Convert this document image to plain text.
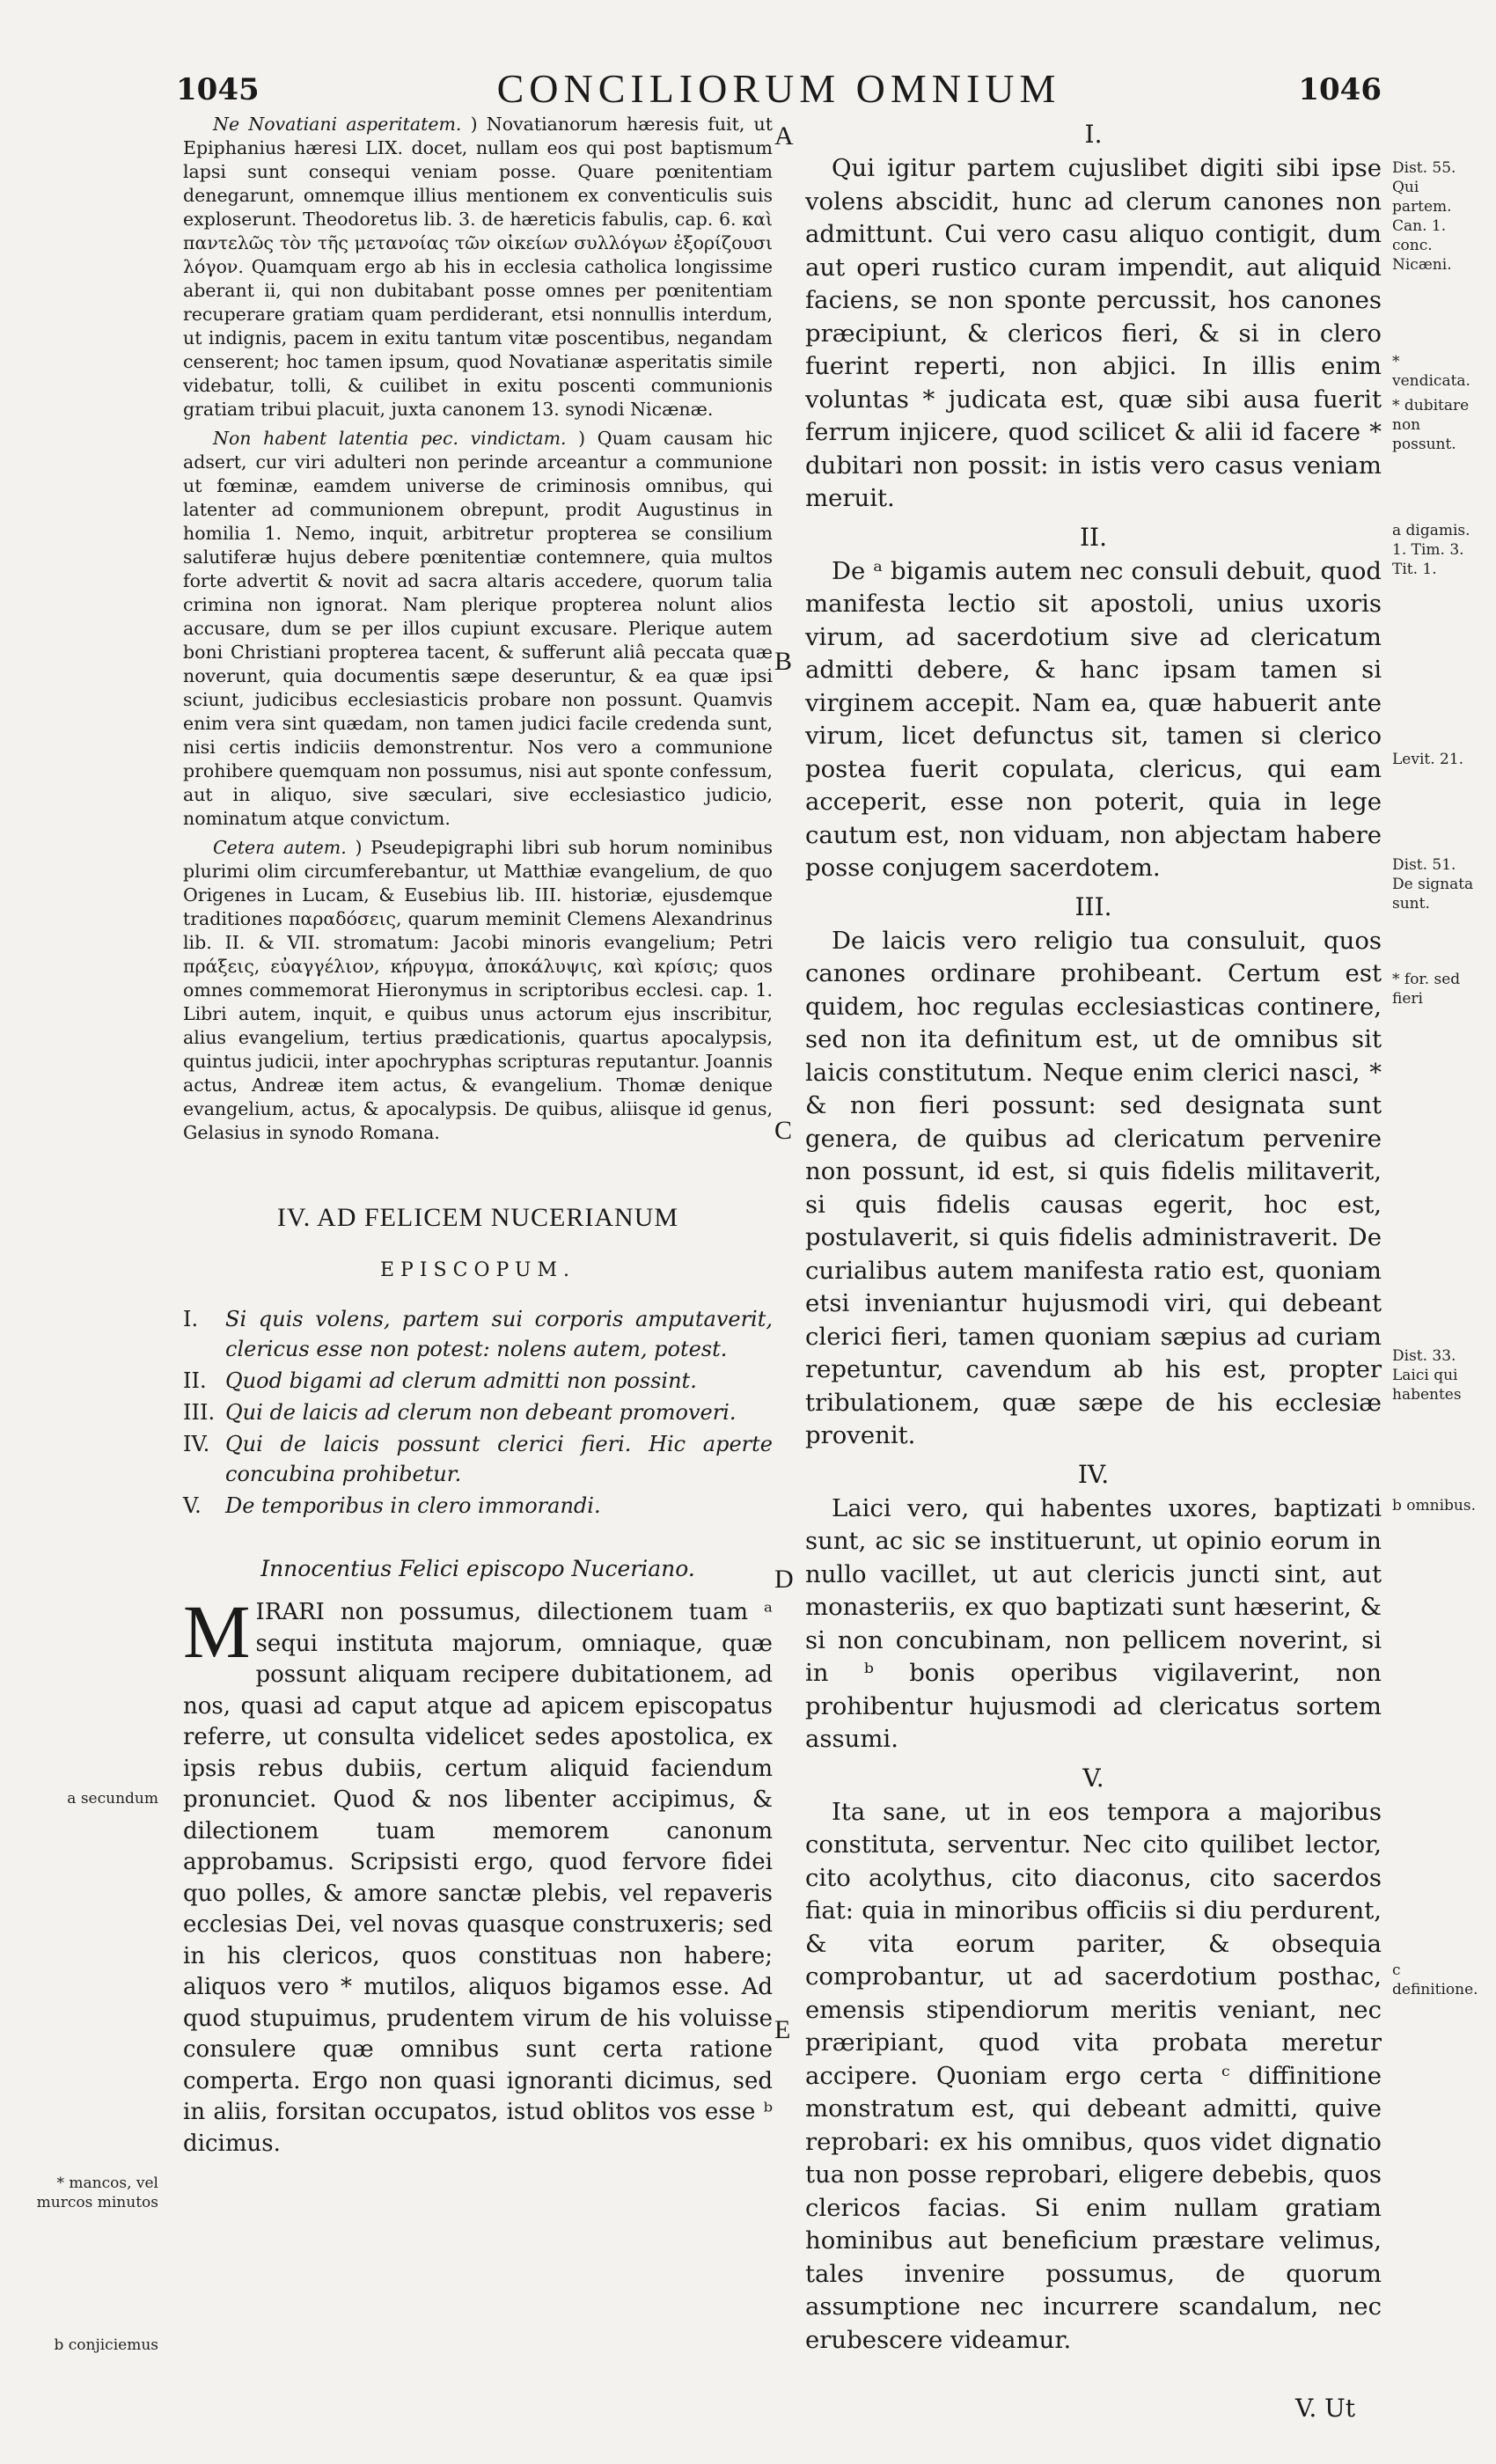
1045	CONCILIORUM OMNIUM	1046

Ne Novatiani asperitatem. ) Novatianorum hæresis fuit, ut Epiphanius hæresi LIX. docet, nullam eos qui post baptismum lapsi sunt consequi veniam posse. Quare pœnitentiam denegarunt, omnemque illius mentionem ex conventiculis suis exploserunt. Theodoretus lib. 3. de hæreticis fabulis, cap. 6. καὶ παντελῶς τὸν τῆς μετανοίας τῶν οἰκείων συλλόγων ἐξορίζουσι λόγον. Quamquam ergo ab his in ecclesia catholica longissime aberant ii, qui non dubitabant posse omnes per pœnitentiam recuperare gratiam quam perdiderant, etsi nonnullis interdum, ut indignis, pacem in exitu tantum vitæ poscentibus, negandam censerent; hoc tamen ipsum, quod Novatianæ asperitatis simile videbatur, tolli, & cuilibet in exitu poscenti communionis gratiam tribui placuit, juxta canonem 13. synodi Nicænæ.

Non habent latentia pec. vindictam. ) Quam causam hic adsert, cur viri adulteri non perinde arceantur a communione ut fœminæ, eamdem universe de criminosis omnibus, qui latenter ad communionem obrepunt, prodit Augustinus in homilia 1. Nemo, inquit, arbitretur propterea se consilium salutiferæ hujus debere pœnitentiæ contemnere, quia multos forte advertit & novit ad sacra altaris accedere, quorum talia crimina non ignorat. Nam plerique propterea nolunt alios accusare, dum se per illos cupiunt excusare. Plerique autem boni Christiani propterea tacent, & sufferunt aliâ peccata quæ noverunt, quia documentis sæpe deseruntur, & ea quæ ipsi sciunt, judicibus ecclesiasticis probare non possunt. Quamvis enim vera sint quædam, non tamen judici facile credenda sunt, nisi certis indiciis demonstrentur. Nos vero a communione prohibere quemquam non possumus, nisi aut sponte confessum, aut in aliquo, sive sæculari, sive ecclesiastico judicio, nominatum atque convictum.

Cetera autem. ) Pseudepigraphi libri sub horum nominibus plurimi olim circumferebantur, ut Matthiæ evangelium, de quo Origenes in Lucam, & Eusebius lib. III. historiæ, ejusdemque traditiones παραδόσεις, quarum meminit Clemens Alexandrinus lib. II. & VII. stromatum: Jacobi minoris evangelium; Petri πράξεις, εὐαγγέλιον, κήρυγμα, ἀποκάλυψις, καὶ κρίσις; quos omnes commemorat Hieronymus in scriptoribus ecclesi. cap. 1. Libri autem, inquit, e quibus unus actorum ejus inscribitur, alius evangelium, tertius prædicationis, quartus apocalypsis, quintus judicii, inter apochryphas scripturas reputantur. Joannis actus, Andreæ item actus, & evangelium. Thomæ denique evangelium, actus, & apocalypsis. De quibus, aliisque id genus, Gelasius in synodo Romana.

IV. AD FELICEM NUCERIANUM
EPISCOPUM.
I. Si quis volens, partem sui corporis amputaverit, clericus esse non potest: nolens autem, potest.
II. Quod bigami ad clerum admitti non possint.
III. Qui de laicis ad clerum non debeant promoveri.
IV. Qui de laicis possunt clerici fieri. Hic aperte concubina prohibetur.
V. De temporibus in clero immorandi.
Innocentius Felici episcopo Nuceriano.

MIRARI non possumus, dilectionem tuam ᵃ sequi instituta majorum, omniaque, quæ possunt aliquam recipere dubitationem, ad nos, quasi ad caput atque ad apicem episcopatus referre, ut consulta videlicet sedes apostolica, ex ipsis rebus dubiis, certum aliquid faciendum pronunciet. Quod & nos libenter accipimus, & dilectionem tuam memorem canonum approbamus. Scripsisti ergo, quod fervore fidei quo polles, & amore sanctæ plebis, vel repaveris ecclesias Dei, vel novas quasque construxeris; sed in his clericos, quos constituas non habere; aliquos vero * mutilos, aliquos bigamos esse. Ad quod stupuimus, prudentem virum de his voluisse consulere quæ omnibus sunt certa ratione comperta. Ergo non quasi ignoranti dicimus, sed in aliis, forsitan occupatos, istud oblitos vos esse ᵇ dicimus.

I.

Qui igitur partem cujuslibet digiti sibi ipse volens abscidit, hunc ad clerum canones non admittunt. Cui vero casu aliquo contigit, dum aut operi rustico curam impendit, aut aliquid faciens, se non sponte percussit, hos canones præcipiunt, & clericos fieri, & si in clero fuerint reperti, non abjici. In illis enim voluntas * judicata est, quæ sibi ausa fuerit ferrum injicere, quod scilicet & alii id facere * dubitari non possit: in istis vero casus veniam meruit.

II.

De ᵃ bigamis autem nec consuli debuit, quod manifesta lectio sit apostoli, unius uxoris virum, ad sacerdotium sive ad clericatum admitti debere, & hanc ipsam tamen si virginem accepit. Nam ea, quæ habuerit ante virum, licet defunctus sit, tamen si clerico postea fuerit copulata, clericus, qui eam acceperit, esse non poterit, quia in lege cautum est, non viduam, non abjectam habere posse conjugem sacerdotem.

III.

De laicis vero religio tua consuluit, quos canones ordinare prohibeant. Certum est quidem, hoc regulas ecclesiasticas continere, sed non ita definitum est, ut de omnibus sit laicis constitutum. Neque enim clerici nasci, * & non fieri possunt: sed designata sunt genera, de quibus ad clericatum pervenire non possunt, id est, si quis fidelis militaverit, si quis fidelis causas egerit, hoc est, postulaverit, si quis fidelis administraverit. De curialibus autem manifesta ratio est, quoniam etsi inveniantur hujusmodi viri, qui debeant clerici fieri, tamen quoniam sæpius ad curiam repetuntur, cavendum ab his est, propter tribulationem, quæ sæpe de his ecclesiæ provenit.

IV.

Laici vero, qui habentes uxores, baptizati sunt, ac sic se instituerunt, ut opinio eorum in nullo vacillet, ut aut clericis juncti sint, aut monasteriis, ex quo baptizati sunt hæserint, & si non concubinam, non pellicem noverint, si in ᵇ bonis operibus vigilaverint, non prohibentur hujusmodi ad clericatus sortem assumi.

V.

Ita sane, ut in eos tempora a majoribus constituta, serventur. Nec cito quilibet lector, cito acolythus, cito diaconus, cito sacerdos fiat: quia in minoribus officiis si diu perdurent, & vita eorum pariter, & obsequia comprobantur, ut ad sacerdotium posthac, emensis stipendiorum meritis veniant, nec præripiant, quod vita probata meretur accipere. Quoniam ergo certa ᶜ diffinitione monstratum est, qui debeant admitti, quive reprobari: ex his omnibus, quos videt dignatio tua non posse reprobari, eligere debebis, quos clericos facias. Si enim nullam gratiam hominibus aut beneficium præstare velimus, tales invenire possumus, de quorum assumptione nec incurrere scandalum, nec erubescere videamur.

A
B
C
D
E
a secundum
* mancos, vel murcos minutos
b conjiciemus
Dist. 55. Qui partem. Can. 1. conc. Nicæni.
* vendicata.
* dubitare non possunt.
a digamis. 1. Tim. 3. Tit. 1.
Levit. 21.
Dist. 51. De signata sunt.
* for. sed fieri
Dist. 33. Laici qui habentes
b omnibus.
c definitione.
V. Ut
